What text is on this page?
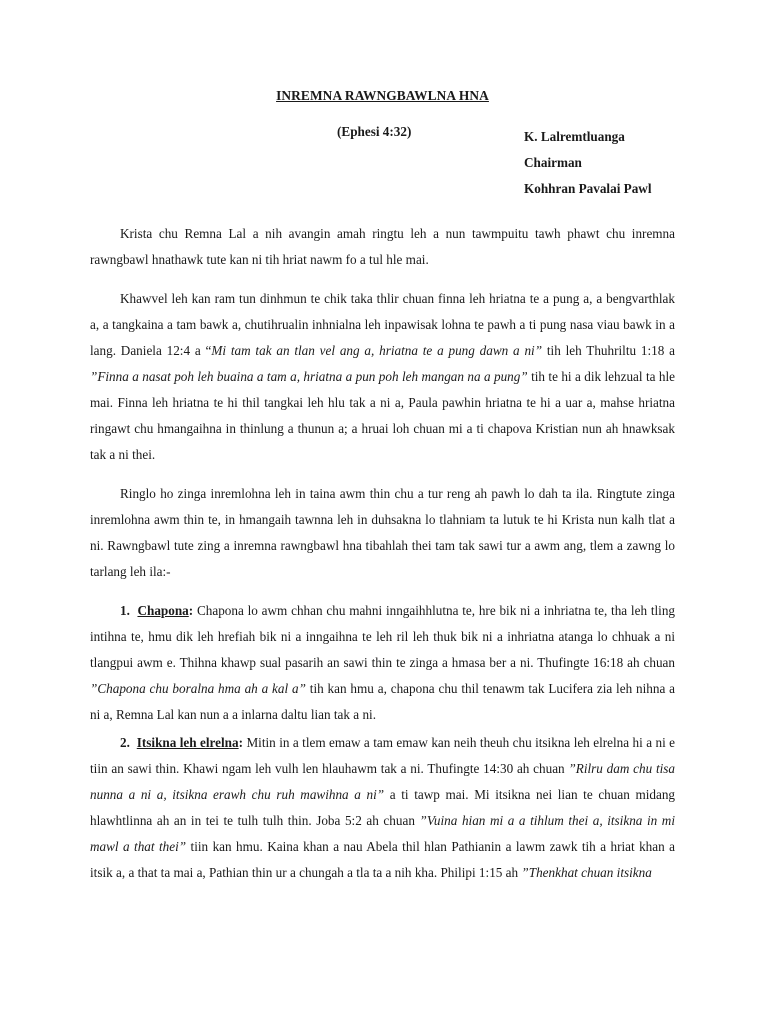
INREMNA RAWNGBAWLNA HNA
(Ephesi 4:32)	K. Lalremtluanga
Chairman
Kohhran Pavalai Pawl

Krista chu Remna Lal a nih avangin amah ringtu leh a nun tawmpuitu tawh phawt chu inremna rawngbawl hnathawk tute kan ni tih hriat nawm fo a tul hle mai.

Khawvel leh kan ram tun dinhmun te chik taka thlir chuan finna leh hriatna te a pung a, a bengvarthlak a, a tangkaina a tam bawk a, chutihrualin inhnialna leh inpawisak lohna te pawh a ti pung nasa viau bawk in a lang. Daniela 12:4 a “Mi tam tak an tlan vel ang a, hriatna te a pung dawn a ni” tih leh Thuhriltu 1:18 a ”Finna a nasat poh leh buaina a tam a, hriatna a pun poh leh mangan na a pung” tih te hi a dik lehzual ta hle mai. Finna leh hriatna te hi thil tangkai leh hlu tak a ni a, Paula pawhin hriatna te hi a uar a, mahse hriatna ringawt chu hmangaihna in thinlung a thunun a; a hruai loh chuan mi a ti chapova Kristian nun ah hnawksak tak a ni thei.

Ringlo ho zinga inremlohna leh in taina awm thin chu a tur reng ah pawh lo dah ta ila. Ringtute zinga inremlohna awm thin te, in hmangaih tawnna leh in duhsakna lo tlahniam ta lutuk te hi Krista nun kalh tlat a ni. Rawngbawl tute zing a inremna rawngbawl hna tibahlah thei tam tak sawi tur a awm ang, tlem a zawng lo tarlang leh ila:-

1. Chapona: Chapona lo awm chhan chu mahni inngaihhlutna te, hre bik ni a inhriatna te, tha leh tling intihna te, hmu dik leh hrefiah bik ni a inngaihna te leh ril leh thuk bik ni a inhriatna atanga lo chhuak a ni tlangpui awm e. Thihna khawp sual pasarih an sawi thin te zinga a hmasa ber a ni. Thufingte 16:18 ah chuan ”Chapona chu boralna hma ah a kal a” tih kan hmu a, chapona chu thil tenawm tak Lucifera zia leh nihna a ni a, Remna Lal kan nun a a inlarna daltu lian tak a ni.

2. Itsikna leh elrelna: Mitin in a tlem emaw a tam emaw kan neih theuh chu itsikna leh elrelna hi a ni e tiin an sawi thin. Khawi ngam leh vulh len hlauhawm tak a ni. Thufingte 14:30 ah chuan ”Rilru dam chu tisa nunna a ni a, itsikna erawh chu ruh mawihna a ni” a ti tawp mai. Mi itsikna nei lian te chuan midang hlawhtlinna ah an in tei te tulh tulh thin. Joba 5:2 ah chuan ”Vuina hian mi a a tihlum thei a, itsikna in mi mawl a that thei” tiin kan hmu. Kaina khan a nau Abela thil hlan Pathianin a lawm zawk tih a hriat khan a itsik a, a that ta mai a, Pathian thin ur a chungah a tla ta a nih kha. Philipi 1:15 ah ”Thenkhat chuan itsikna
